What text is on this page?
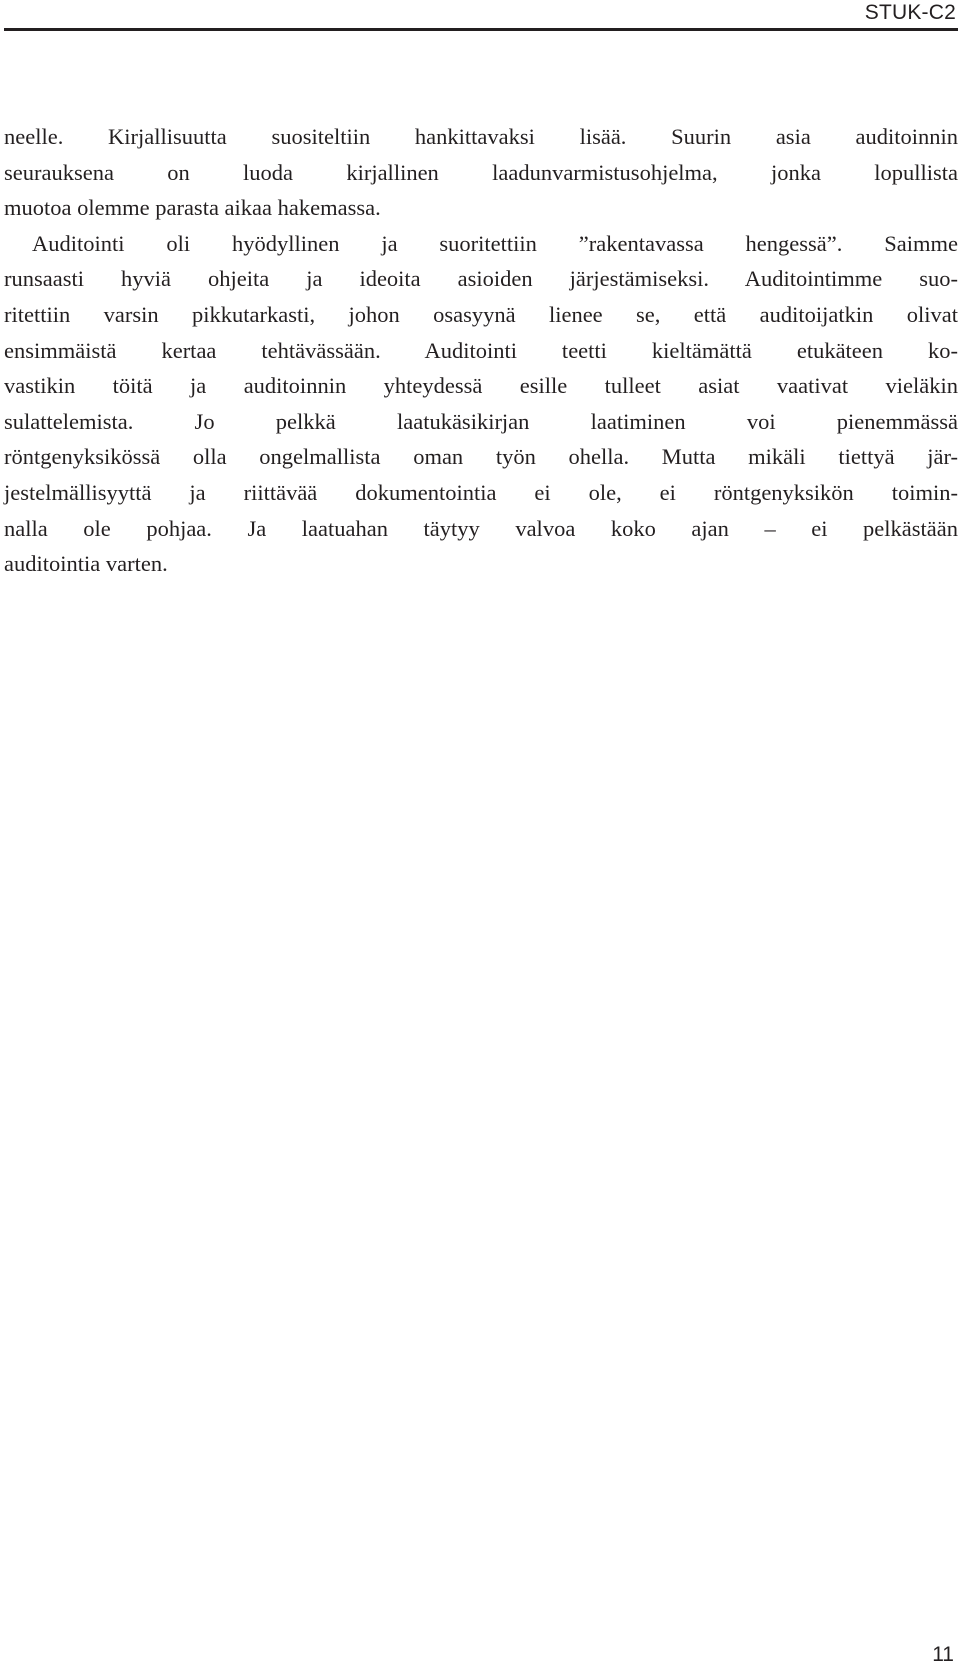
STUK-C2
neelle. Kirjallisuutta suositeltiin hankittavaksi lisää. Suurin asia auditoinnin
seurauksena on luoda kirjallinen laadunvarmistusohjelma, jonka lopullista
muotoa olemme parasta aikaa hakemassa.
Auditointi oli hyödyllinen ja suoritettiin ”rakentavassa hengessä”. Saimme
runsaasti hyviä ohjeita ja ideoita asioiden järjestämiseksi. Auditointimme suo-
ritettiin varsin pikkutarkasti, johon osasyynä lienee se, että auditoijatkin olivat
ensimmäistä kertaa tehtävässään. Auditointi teetti kieltämättä etukäteen ko-
vastikin töitä ja auditoinnin yhteydessä esille tulleet asiat vaativat vieläkin
sulattelemista. Jo pelkkä laatukäsikirjan laatiminen voi pienemmässä
röntgenyksikössä olla ongelmallista oman työn ohella. Mutta mikäli tiettyä jär-
jestelmällisyyttä ja riittävää dokumentointia ei ole, ei röntgenyksikön toimin-
nalla ole pohjaa. Ja laatuahan täytyy valvoa koko ajan – ei pelkästään
auditointia varten.
11
